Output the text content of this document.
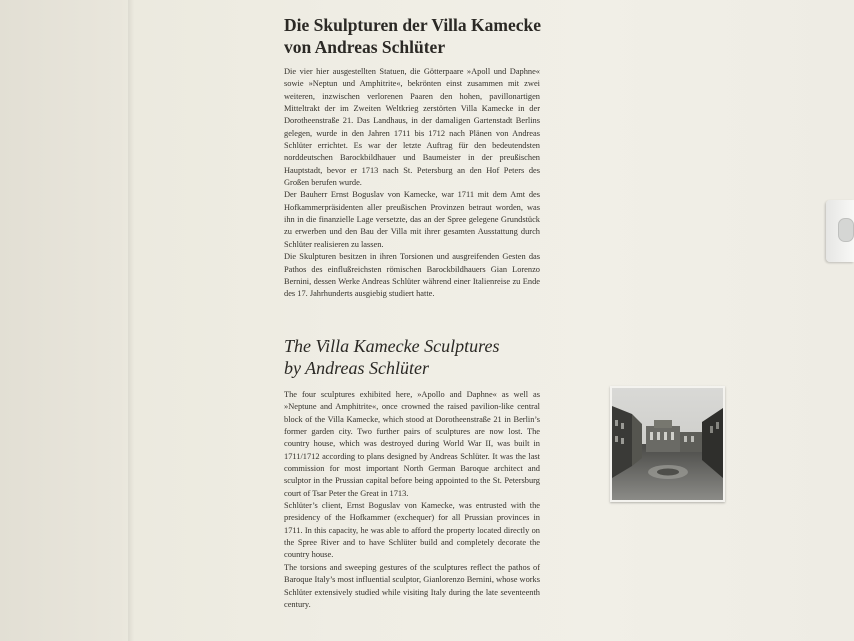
Die Skulpturen der Villa Kamecke
von Andreas Schlüter

Die vier hier ausgestellten Statuen, die Götterpaare »Apoll und Daphne« sowie »Neptun und Amphitrite«, bekrönten einst zusammen mit zwei weiteren, inzwischen verlorenen Paaren den hohen, pavillonartigen Mitteltrakt der im Zweiten Weltkrieg zerstörten Villa Kamecke in der Dorotheenstraße 21. Das Landhaus, in der damaligen Gartenstadt Berlins gelegen, wurde in den Jahren 1711 bis 1712 nach Plänen von Andreas Schlüter errichtet. Es war der letzte Auftrag für den bedeutendsten norddeutschen Barockbildhauer und Baumeister in der preußischen Hauptstadt, bevor er 1713 nach St. Petersburg an den Hof Peters des Großen berufen wurde.

Der Bauherr Ernst Boguslav von Kamecke, war 1711 mit dem Amt des Hofkammerpräsidenten aller preußischen Provinzen betraut worden, was ihn in die finanzielle Lage versetzte, das an der Spree gelegene Grundstück zu erwerben und den Bau der Villa mit ihrer gesamten Ausstattung durch Schlüter realisieren zu lassen.

Die Skulpturen besitzen in ihren Torsionen und ausgreifenden Gesten das Pathos des einflußreichsten römischen Barockbildhauers Gian Lorenzo Bernini, dessen Werke Andreas Schlüter während einer Italienreise zu Ende des 17. Jahrhunderts ausgiebig studiert hatte.

The Villa Kamecke Sculptures
by Andreas Schlüter

The four sculptures exhibited here, »Apollo and Daphne« as well as »Neptune and Amphitrite«, once crowned the raised pavilion-like central block of the Villa Kamecke, which stood at Dorotheenstraße 21 in Berlin’s former garden city. Two further pairs of sculptures are now lost. The country house, which was destroyed during World War II, was built in 1711/1712 according to plans designed by Andreas Schlüter. It was the last commission for most important North German Baroque architect and sculptor in the Prussian capital before being appointed to the St. Petersburg court of Tsar Peter the Great in 1713.

Schlüter’s client, Ernst Boguslav von Kamecke, was entrusted with the presidency of the Hofkammer (exchequer) for all Prussian provinces in 1711. In this capacity, he was able to afford the property located directly on the Spree River and to have Schlüter build and completely decorate the country house.

The torsions and sweeping gestures of the sculptures reflect the pathos of Baroque Italy’s most influential sculptor, Gianlorenzo Bernini, whose works Schlüter extensively studied while visiting Italy during the late seventeenth century.
